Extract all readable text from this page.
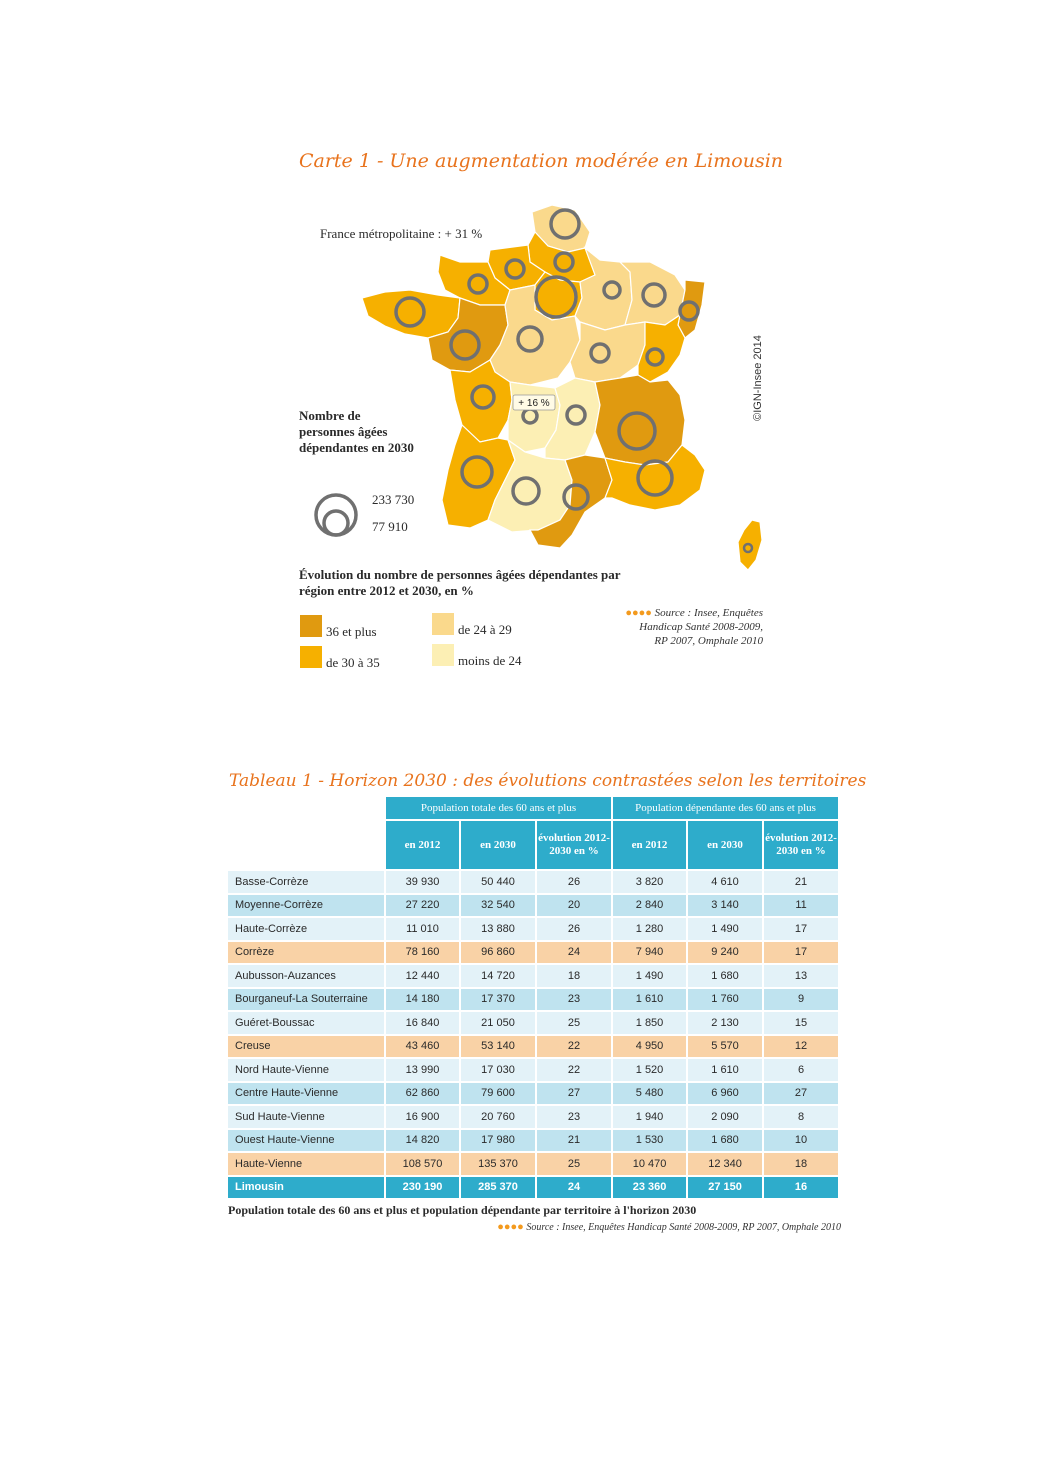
Carte 1 - Une augmentation modérée en Limousin
France métropolitaine : + 31 %
©IGN-Insee 2014
+ 16 %
Nombre de personnes âgées dépendantes en 2030
233 730
77 910
Évolution du nombre de personnes âgées dépendantes par région entre 2012 et 2030, en %
36 et plus
de 30 à 35
de 24 à 29
moins de 24
●●●● Source : Insee, Enquêtes
Handicap Santé 2008-2009,
RP 2007, Omphale 2010
Tableau 1 - Horizon 2030 : des évolutions contrastées selon les territoires
	Population totale des 60 ans et plus			Population dépendante des 60 ans et plus		
	en 2012	en 2030	évolution 2012-2030 en %	en 2012	en 2030	évolution 2012-2030 en %
Basse-Corrèze	39 930	50 440	26	3 820	4 610	21
Moyenne-Corrèze	27 220	32 540	20	2 840	3 140	11
Haute-Corrèze	11 010	13 880	26	1 280	1 490	17
Corrèze	78 160	96 860	24	7 940	9 240	17
Aubusson-Auzances	12 440	14 720	18	1 490	1 680	13
Bourganeuf-La Souterraine	14 180	17 370	23	1 610	1 760	9
Guéret-Boussac	16 840	21 050	25	1 850	2 130	15
Creuse	43 460	53 140	22	4 950	5 570	12
Nord Haute-Vienne	13 990	17 030	22	1 520	1 610	6
Centre Haute-Vienne	62 860	79 600	27	5 480	6 960	27
Sud Haute-Vienne	16 900	20 760	23	1 940	2 090	8
Ouest Haute-Vienne	14 820	17 980	21	1 530	1 680	10
Haute-Vienne	108 570	135 370	25	10 470	12 340	18
Limousin	230 190	285 370	24	23 360	27 150	16
Population totale des 60 ans et plus et population dépendante par territoire à l'horizon 2030
●●●● Source : Insee, Enquêtes Handicap Santé 2008-2009, RP 2007, Omphale 2010
